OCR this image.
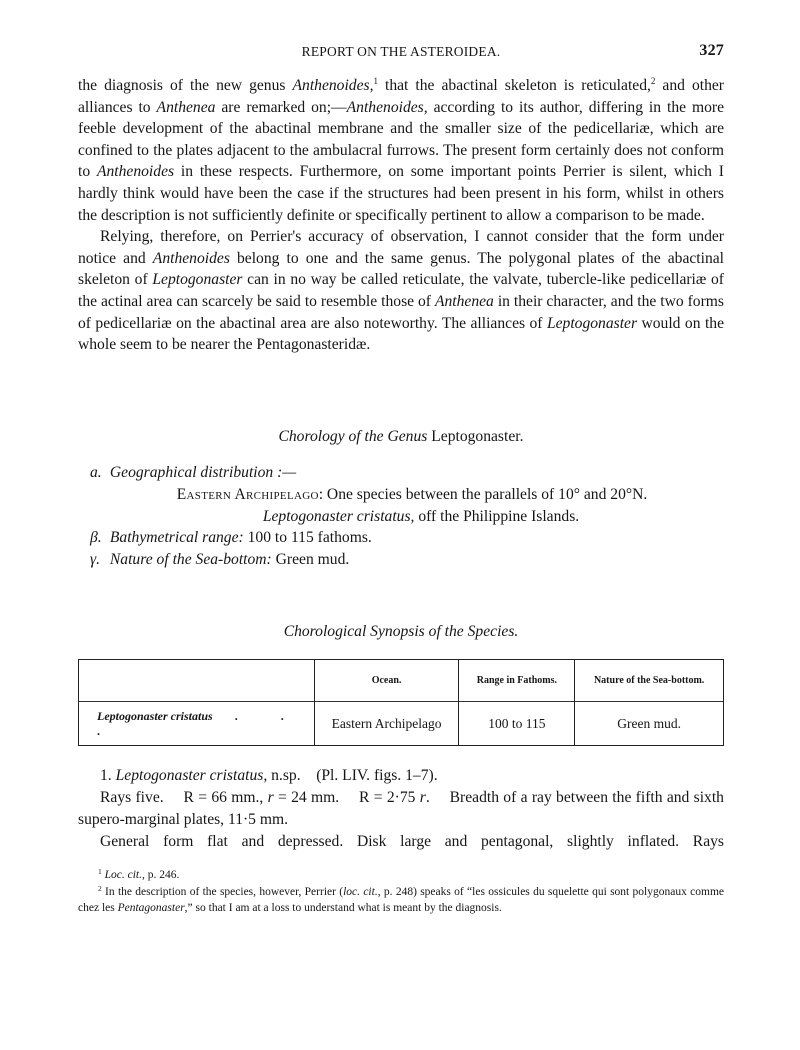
REPORT ON THE ASTEROIDEA.	327

the diagnosis of the new genus Anthenoides,$^1$ that the abactinal skeleton is reticulated,$^2$ and other alliances to Anthenea are remarked on;—Anthenoides, according to its author, differing in the more feeble development of the abactinal membrane and the smaller size of the pedicellariæ, which are confined to the plates adjacent to the ambulacral furrows. The present form certainly does not conform to Anthenoides in these respects. Furthermore, on some important points Perrier is silent, which I hardly think would have been the case if the structures had been present in his form, whilst in others the description is not sufficiently definite or specifically pertinent to allow a comparison to be made.

Relying, therefore, on Perrier's accuracy of observation, I cannot consider that the form under notice and Anthenoides belong to one and the same genus. The polygonal plates of the abactinal skeleton of Leptogonaster can in no way be called reticulate, the valvate, tubercle-like pedicellariæ of the actinal area can scarcely be said to resemble those of Anthenea in their character, and the two forms of pedicellariæ on the abactinal area are also noteworthy. The alliances of Leptogonaster would on the whole seem to be nearer the Pentagonasteridæ.

Chorology of the Genus Leptogonaster.
a. Geographical distribution :—
Eastern Archipelago: One species between the parallels of 10° and 20°N.
Leptogonaster cristatus, off the Philippine Islands.
β. Bathymetrical range: 100 to 115 fathoms.
γ. Nature of the Sea-bottom: Green mud.
Chorological Synopsis of the Species.
	Ocean.	Range in Fathoms.	Nature of the Sea-bottom.
Leptogonaster cristatus . . .	Eastern Archipelago	100 to 115	Green mud.

1. Leptogonaster cristatus, n.sp. (Pl. LIV. figs. 1–7).

Rays five.  R = 66 mm., r = 24 mm.  R = 2·75 r.  Breadth of a ray between the fifth and sixth supero-marginal plates, 11·5 mm.

General form flat and depressed. Disk large and pentagonal, slightly inflated. Rays

$^1$ Loc. cit., p. 246.

$^2$ In the description of the species, however, Perrier (loc. cit., p. 248) speaks of “les ossicules du squelette qui sont polygonaux comme chez les Pentagonaster,” so that I am at a loss to understand what is meant by the diagnosis.
